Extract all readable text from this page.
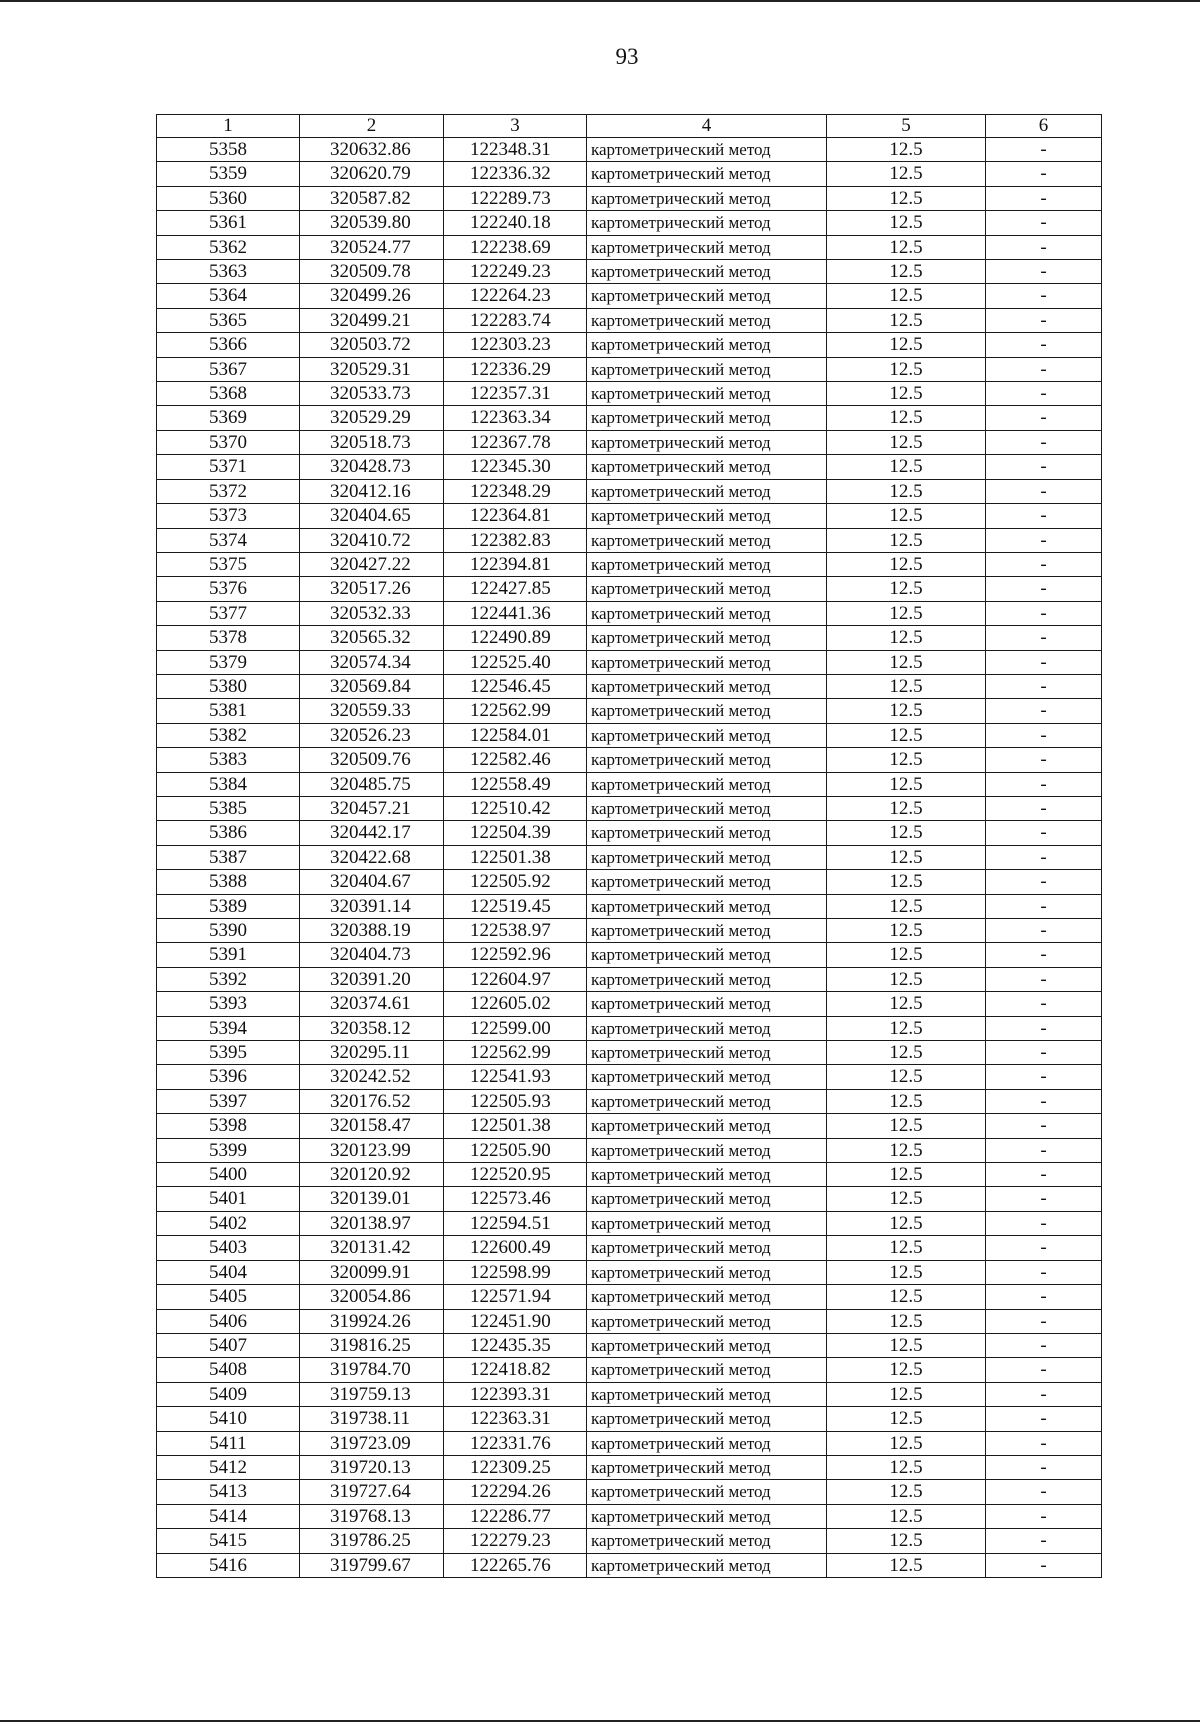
93
1	2	3	4	5	6
5358	320632.86	122348.31	картометрический метод	12.5	-
5359	320620.79	122336.32	картометрический метод	12.5	-
5360	320587.82	122289.73	картометрический метод	12.5	-
5361	320539.80	122240.18	картометрический метод	12.5	-
5362	320524.77	122238.69	картометрический метод	12.5	-
5363	320509.78	122249.23	картометрический метод	12.5	-
5364	320499.26	122264.23	картометрический метод	12.5	-
5365	320499.21	122283.74	картометрический метод	12.5	-
5366	320503.72	122303.23	картометрический метод	12.5	-
5367	320529.31	122336.29	картометрический метод	12.5	-
5368	320533.73	122357.31	картометрический метод	12.5	-
5369	320529.29	122363.34	картометрический метод	12.5	-
5370	320518.73	122367.78	картометрический метод	12.5	-
5371	320428.73	122345.30	картометрический метод	12.5	-
5372	320412.16	122348.29	картометрический метод	12.5	-
5373	320404.65	122364.81	картометрический метод	12.5	-
5374	320410.72	122382.83	картометрический метод	12.5	-
5375	320427.22	122394.81	картометрический метод	12.5	-
5376	320517.26	122427.85	картометрический метод	12.5	-
5377	320532.33	122441.36	картометрический метод	12.5	-
5378	320565.32	122490.89	картометрический метод	12.5	-
5379	320574.34	122525.40	картометрический метод	12.5	-
5380	320569.84	122546.45	картометрический метод	12.5	-
5381	320559.33	122562.99	картометрический метод	12.5	-
5382	320526.23	122584.01	картометрический метод	12.5	-
5383	320509.76	122582.46	картометрический метод	12.5	-
5384	320485.75	122558.49	картометрический метод	12.5	-
5385	320457.21	122510.42	картометрический метод	12.5	-
5386	320442.17	122504.39	картометрический метод	12.5	-
5387	320422.68	122501.38	картометрический метод	12.5	-
5388	320404.67	122505.92	картометрический метод	12.5	-
5389	320391.14	122519.45	картометрический метод	12.5	-
5390	320388.19	122538.97	картометрический метод	12.5	-
5391	320404.73	122592.96	картометрический метод	12.5	-
5392	320391.20	122604.97	картометрический метод	12.5	-
5393	320374.61	122605.02	картометрический метод	12.5	-
5394	320358.12	122599.00	картометрический метод	12.5	-
5395	320295.11	122562.99	картометрический метод	12.5	-
5396	320242.52	122541.93	картометрический метод	12.5	-
5397	320176.52	122505.93	картометрический метод	12.5	-
5398	320158.47	122501.38	картометрический метод	12.5	-
5399	320123.99	122505.90	картометрический метод	12.5	-
5400	320120.92	122520.95	картометрический метод	12.5	-
5401	320139.01	122573.46	картометрический метод	12.5	-
5402	320138.97	122594.51	картометрический метод	12.5	-
5403	320131.42	122600.49	картометрический метод	12.5	-
5404	320099.91	122598.99	картометрический метод	12.5	-
5405	320054.86	122571.94	картометрический метод	12.5	-
5406	319924.26	122451.90	картометрический метод	12.5	-
5407	319816.25	122435.35	картометрический метод	12.5	-
5408	319784.70	122418.82	картометрический метод	12.5	-
5409	319759.13	122393.31	картометрический метод	12.5	-
5410	319738.11	122363.31	картометрический метод	12.5	-
5411	319723.09	122331.76	картометрический метод	12.5	-
5412	319720.13	122309.25	картометрический метод	12.5	-
5413	319727.64	122294.26	картометрический метод	12.5	-
5414	319768.13	122286.77	картометрический метод	12.5	-
5415	319786.25	122279.23	картометрический метод	12.5	-
5416	319799.67	122265.76	картометрический метод	12.5	-
